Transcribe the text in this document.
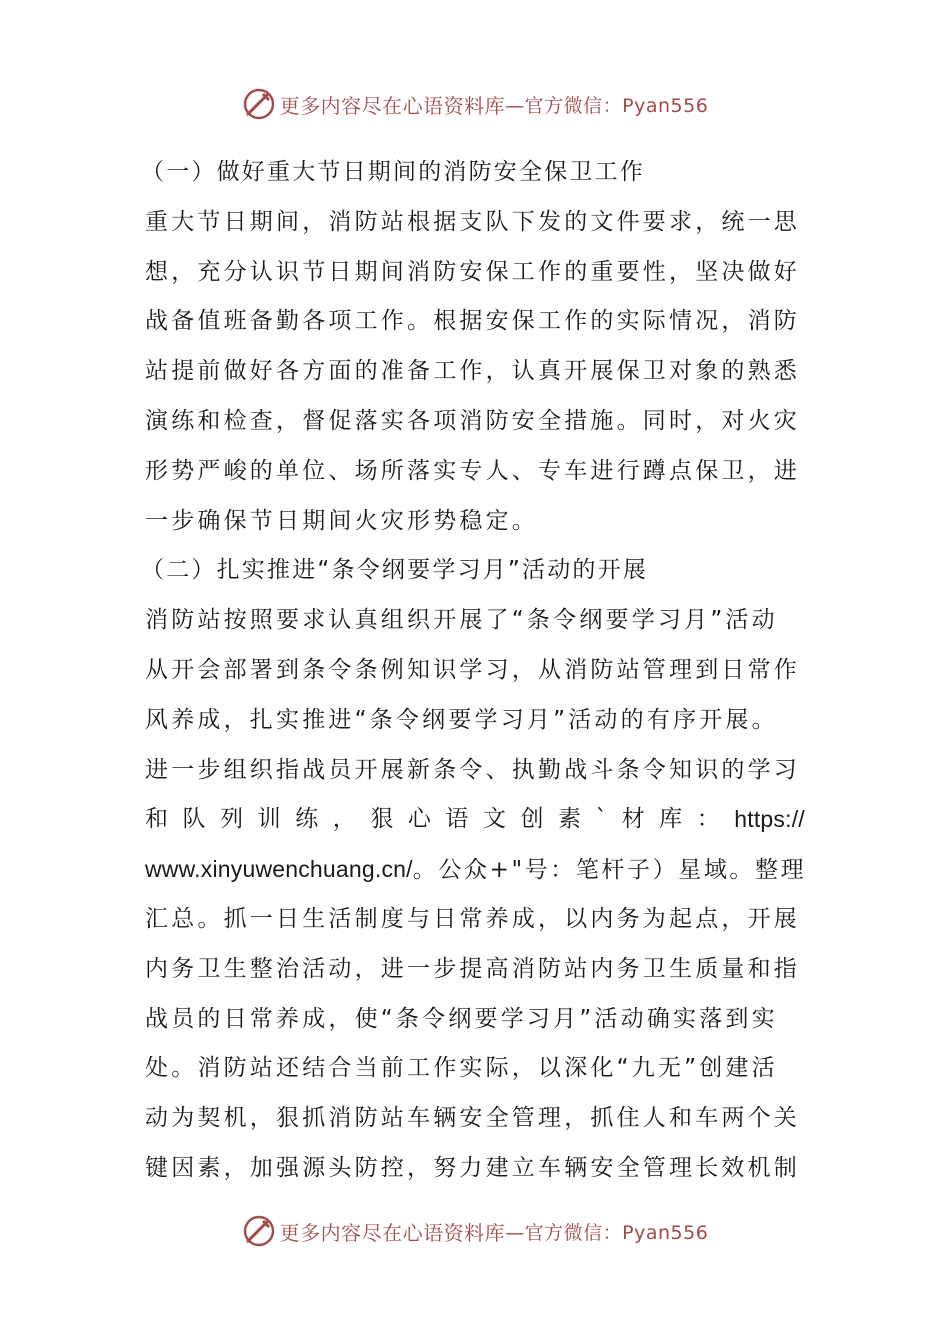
更多内容尽在心语资料库 —官方微信：Pyan556
（一）做好重大节日期间的消防安全保卫工作
重大节日期间，消防站根据支队下发的文件要求，统一思
想，充分认识节日期间消防安保工作的重要性，坚决做好
战备值班备勤各项工作。根据安保工作的实际情况，消防
站提前做好各方面的准备工作，认真开展保卫对象的熟悉
演练和检查，督促落实各项消防安全措施。同时，对火灾
形势严峻的单位、场所落实专人、专车进行蹲点保卫，进
一步确保节日期间火灾形势稳定。
（二）扎实推进“条令纲要学习月”活动的开展
消防站按照要求认真组织开展了“条令纲要学习月”活动
从开会部署到条令条例知识学习，从消防站管理到日常作
风养成，扎实推进“条令纲要学习月”活动的有序开展。
进一步组织指战员开展新条令、执勤战斗条令知识的学习
和 队 列 训 练 ， 狠 心 语 文 创 素 ` 材 库 ： https://
www.xinyuwenchuang.cn/。公众+"号：笔杆子）星域。整理
汇总。抓一日生活制度与日常养成，以内务为起点，开展
内务卫生整治活动，进一步提高消防站内务卫生质量和指
战员的日常养成，使“条令纲要学习月”活动确实落到实
处。消防站还结合当前工作实际，以深化“九无”创建活
动为契机，狠抓消防站车辆安全管理，抓住人和车两个关
键因素，加强源头防控，努力建立车辆安全管理长效机制
更多内容尽在心语资料库 —官方微信：Pyan556
